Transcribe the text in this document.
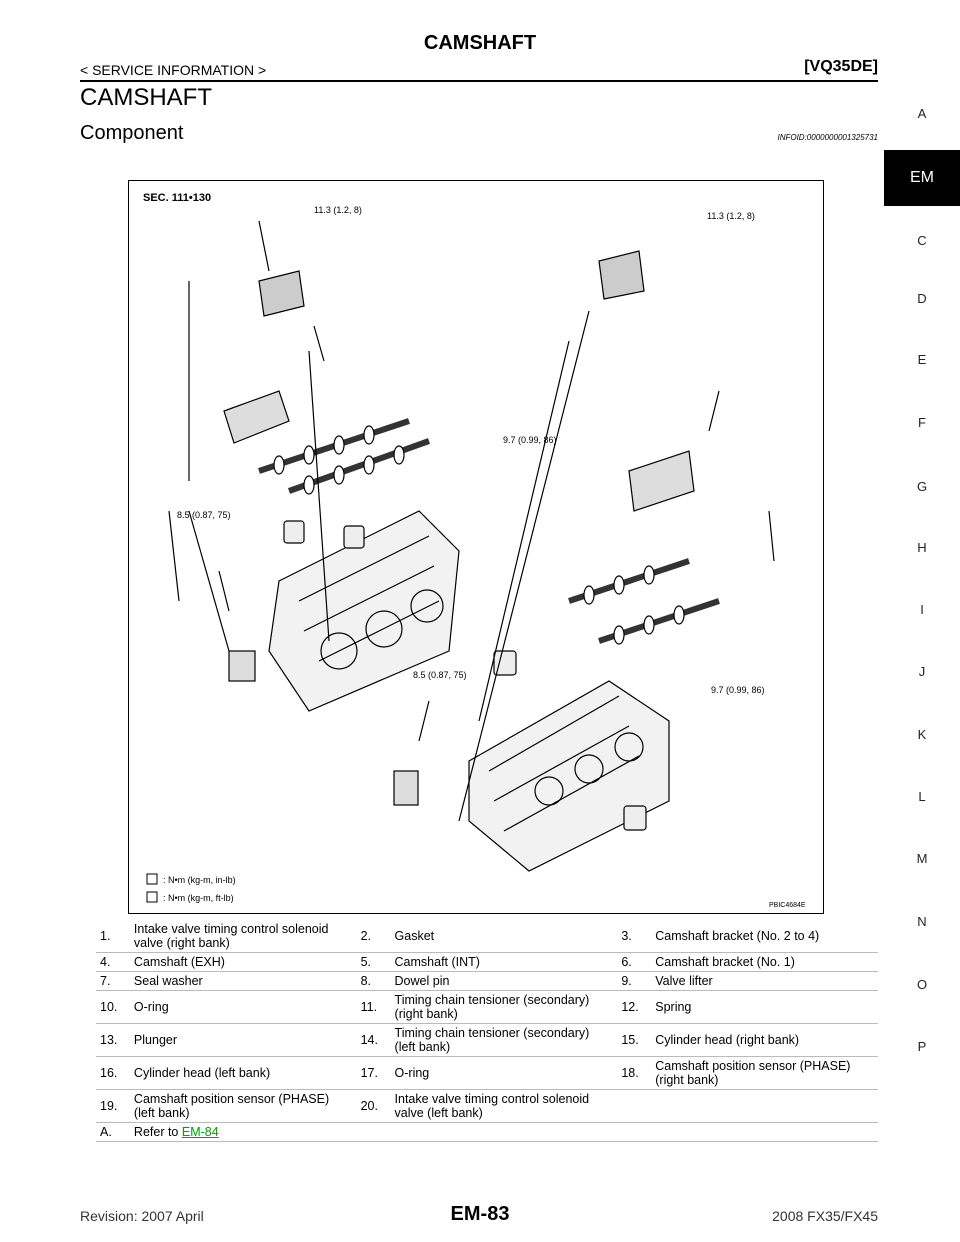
CAMSHAFT
< SERVICE INFORMATION >	[VQ35DE]
CAMSHAFT
Component	INFOID:0000000001325731
A
EM
C
D
E
F
G
H
I
J
K
L
M
N
O
P
SEC. 111•130
11.3 (1.2, 8)
11.3 (1.2, 8)
9.7 (0.99, 86)
8.5 (0.87, 75)
8.5 (0.87, 75)
9.7 (0.99, 86)
: N•m (kg-m, in-lb)
: N•m (kg-m, ft-lb)
PBIC4684E
1.	Intake valve timing control solenoid valve (right bank)	2.	Gasket	3.	Camshaft bracket (No. 2 to 4)
4.	Camshaft (EXH)	5.	Camshaft (INT)	6.	Camshaft bracket (No. 1)
7.	Seal washer	8.	Dowel pin	9.	Valve lifter
10.	O-ring	11.	Timing chain tensioner (secondary) (right bank)	12.	Spring
13.	Plunger	14.	Timing chain tensioner (secondary) (left bank)	15.	Cylinder head (right bank)
16.	Cylinder head (left bank)	17.	O-ring	18.	Camshaft position sensor (PHASE) (right bank)
19.	Camshaft position sensor (PHASE) (left bank)	20.	Intake valve timing control solenoid valve (left bank)		
A.	Refer to EM-84				
Revision: 2007 April	EM-83	2008 FX35/FX45
